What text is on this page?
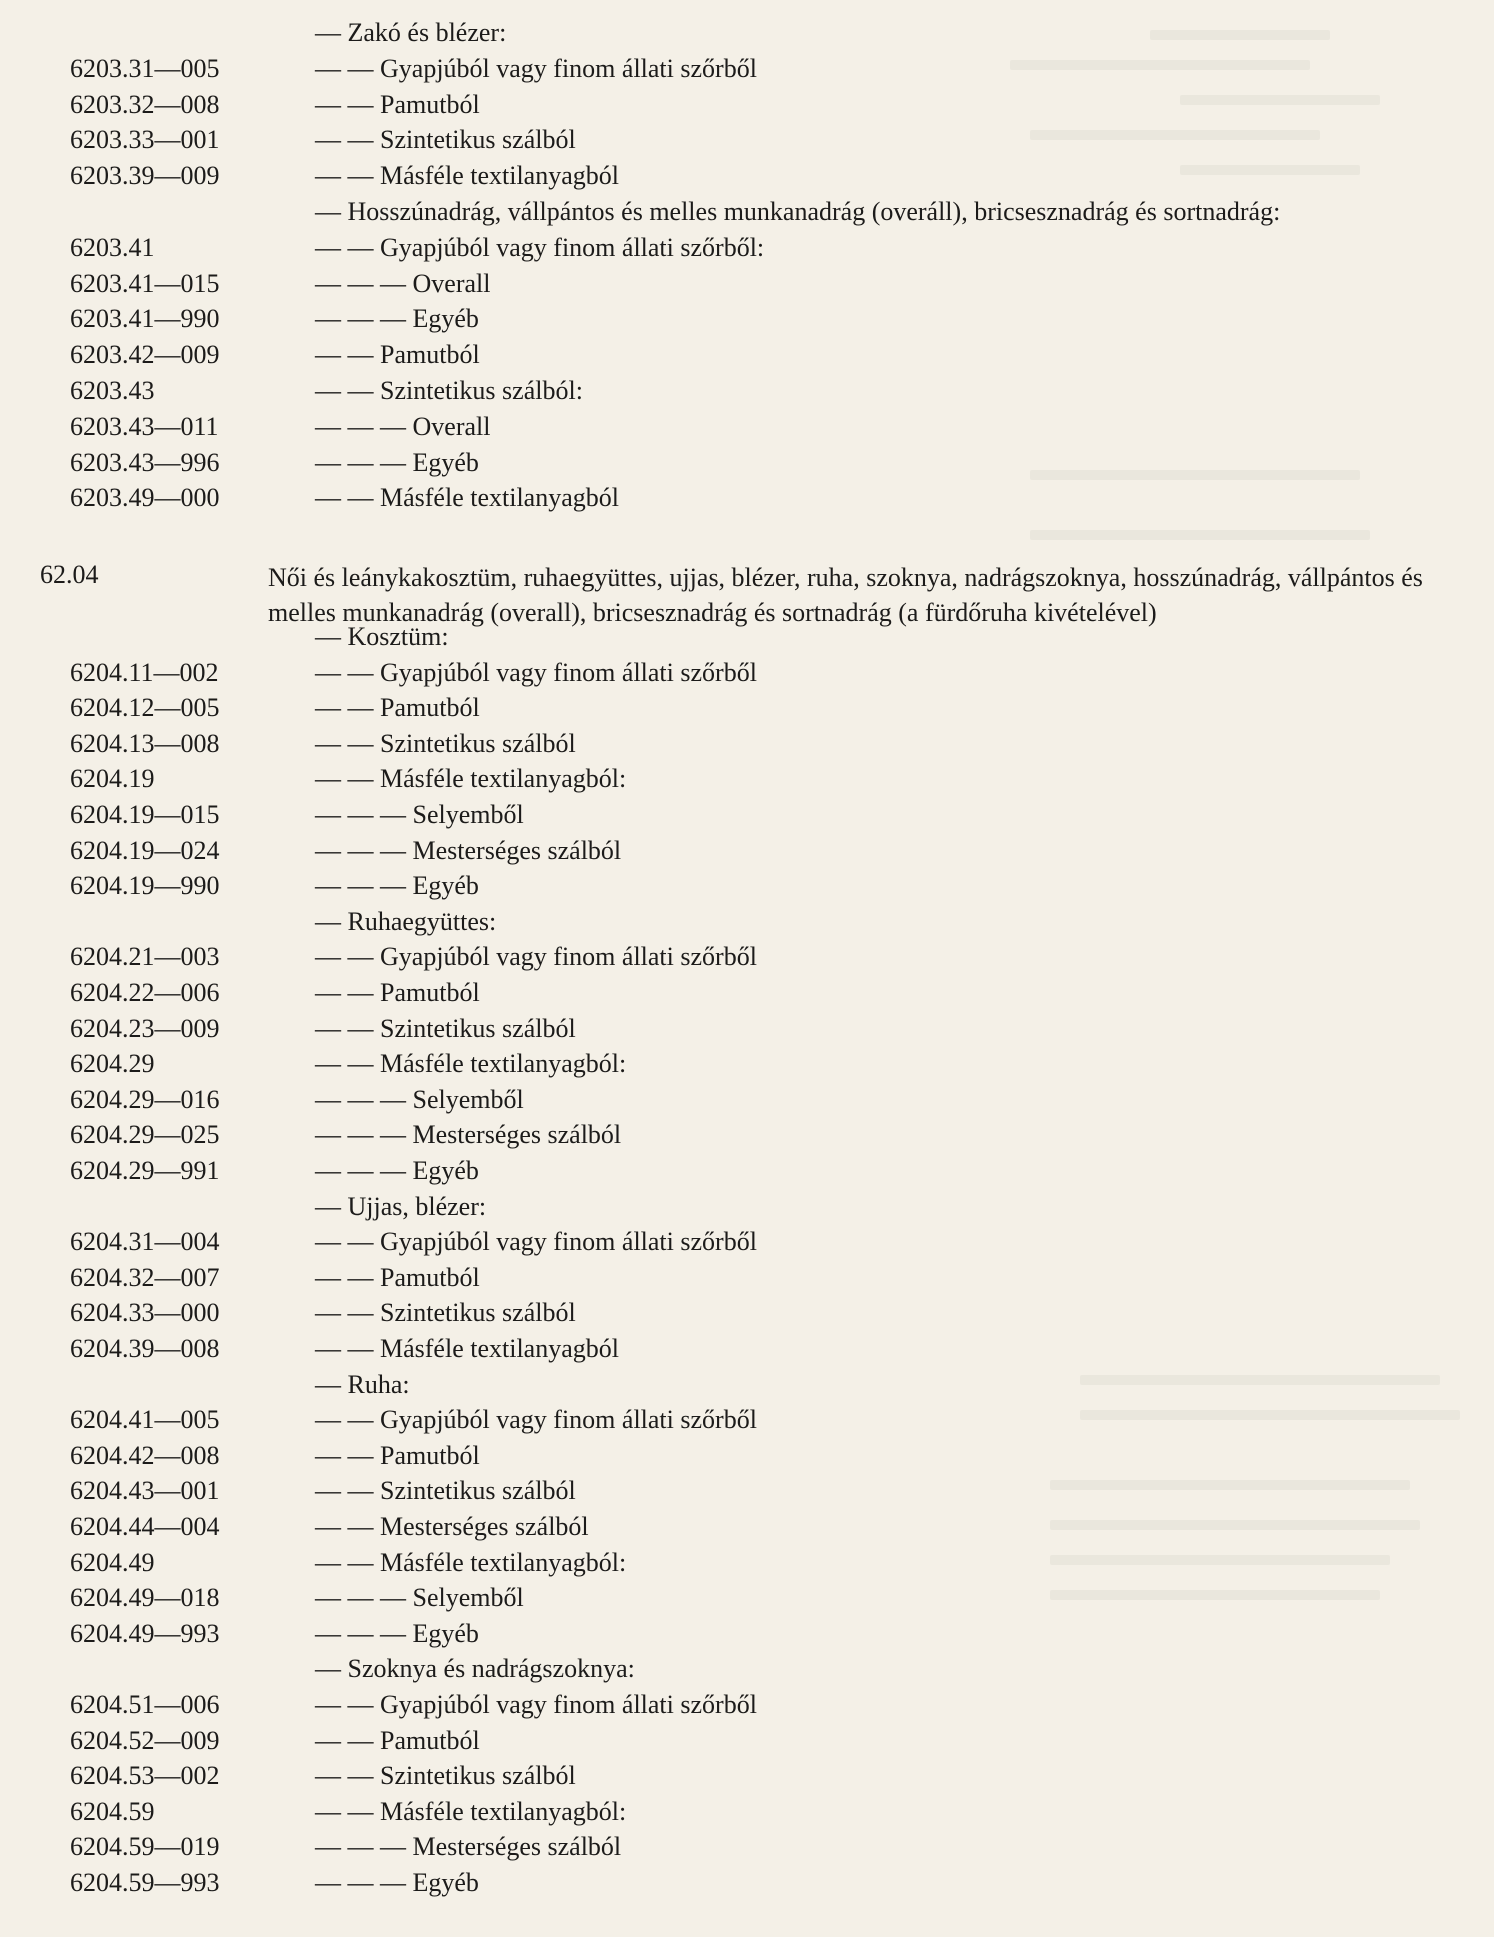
— Zakó és blézer:
6203.31—005	— — Gyapjúból vagy finom állati szőrből
6203.32—008	— — Pamutból
6203.33—001	— — Szintetikus szálból
6203.39—009	— — Másféle textilanyagból
— Hosszúnadrág, vállpántos és melles munkanadrág (overáll), bricsesznadrág és sortnadrág:
6203.41	— — Gyapjúból vagy finom állati szőrből:
6203.41—015	— — — Overall
6203.41—990	— — — Egyéb
6203.42—009	— — Pamutból
6203.43	— — Szintetikus szálból:
6203.43—011	— — — Overall
6203.43—996	— — — Egyéb
6203.49—000	— — Másféle textilanyagból
62.04	Női és leánykakosztüm, ruhaegyüttes, ujjas, blézer, ruha, szoknya, nadrágszoknya, hosszúnadrág, vállpántos és melles munkanadrág (overall), bricsesznadrág és sortnadrág (a fürdőruha kivételével)
— Kosztüm:
6204.11—002	— — Gyapjúból vagy finom állati szőrből
6204.12—005	— — Pamutból
6204.13—008	— — Szintetikus szálból
6204.19	— — Másféle textilanyagból:
6204.19—015	— — — Selyemből
6204.19—024	— — — Mesterséges szálból
6204.19—990	— — — Egyéb
— Ruhaegyüttes:
6204.21—003	— — Gyapjúból vagy finom állati szőrből
6204.22—006	— — Pamutból
6204.23—009	— — Szintetikus szálból
6204.29	— — Másféle textilanyagból:
6204.29—016	— — — Selyemből
6204.29—025	— — — Mesterséges szálból
6204.29—991	— — — Egyéb
— Ujjas, blézer:
6204.31—004	— — Gyapjúból vagy finom állati szőrből
6204.32—007	— — Pamutból
6204.33—000	— — Szintetikus szálból
6204.39—008	— — Másféle textilanyagból
— Ruha:
6204.41—005	— — Gyapjúból vagy finom állati szőrből
6204.42—008	— — Pamutból
6204.43—001	— — Szintetikus szálból
6204.44—004	— — Mesterséges szálból
6204.49	— — Másféle textilanyagból:
6204.49—018	— — — Selyemből
6204.49—993	— — — Egyéb
— Szoknya és nadrágszoknya:
6204.51—006	— — Gyapjúból vagy finom állati szőrből
6204.52—009	— — Pamutból
6204.53—002	— — Szintetikus szálból
6204.59	— — Másféle textilanyagból:
6204.59—019	— — — Mesterséges szálból
6204.59—993	— — — Egyéb
